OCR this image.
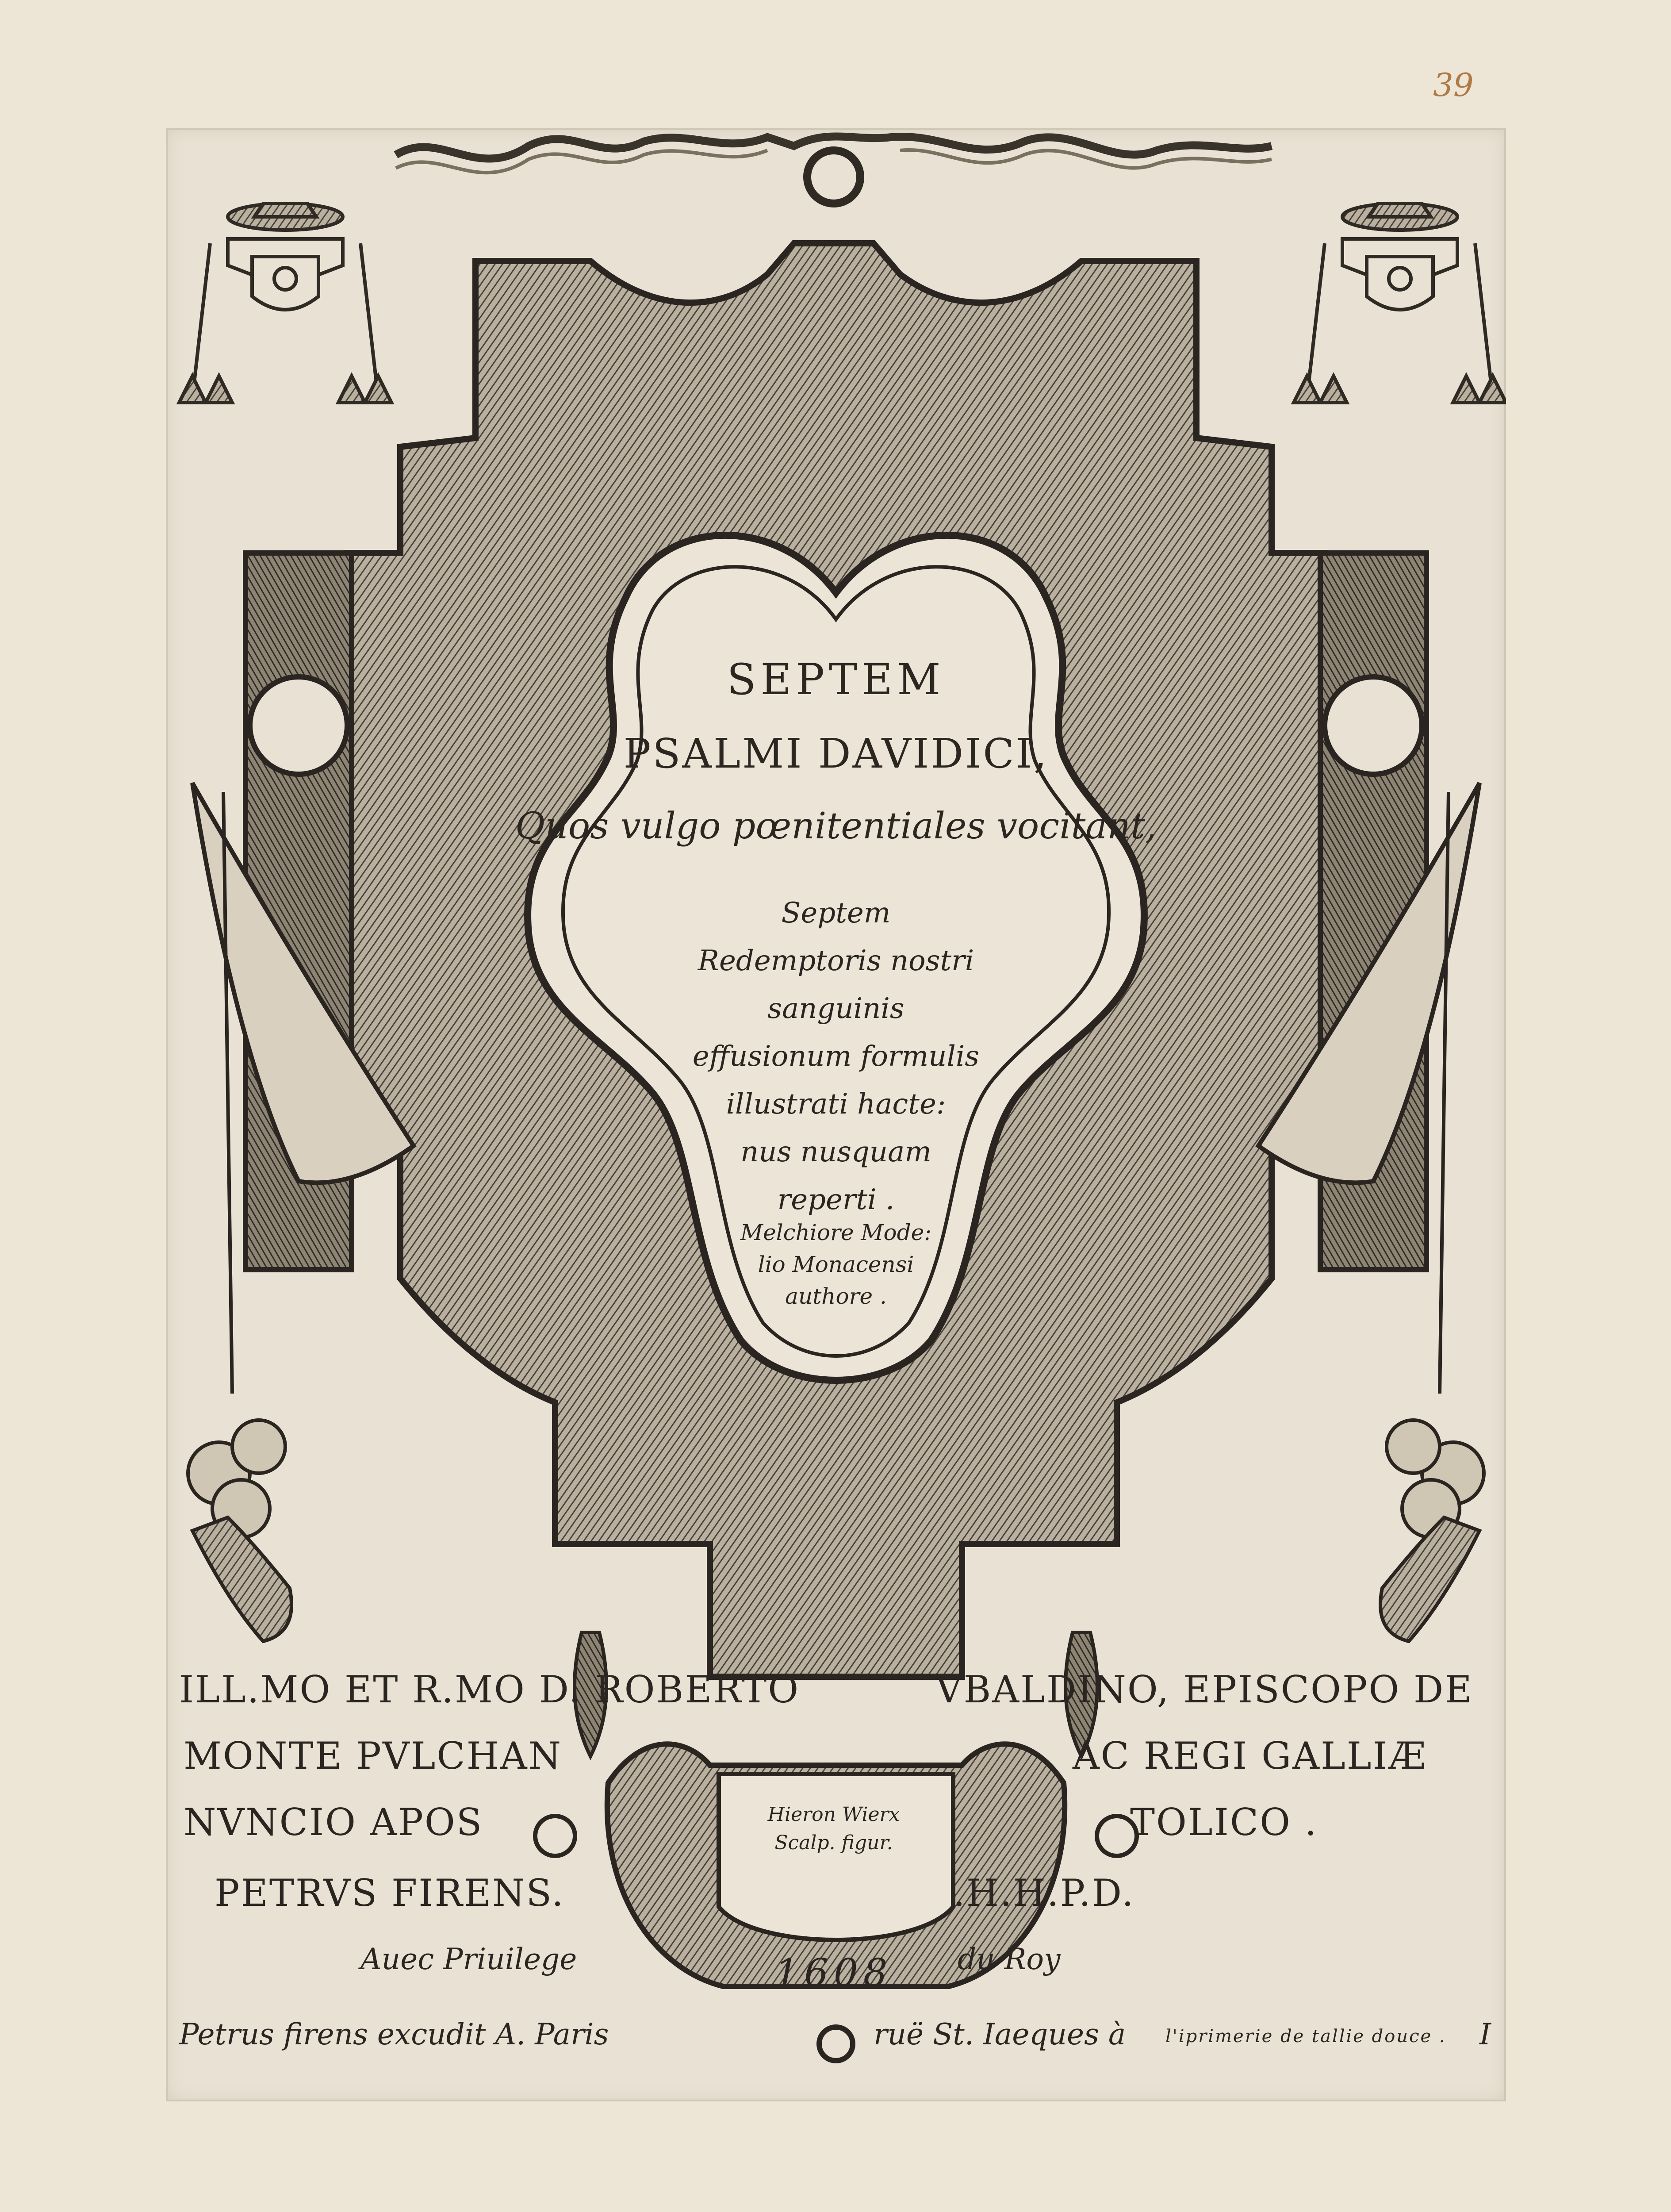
39
SEPTEM
PSALMI DAVIDICI,
Quos vulgo pœnitentiales vocitant,
Septem
Redemptoris nostri sanguinis
effusionum formulis
illustrati hacte:
nus nusquam
reperti .
Melchiore Mode:
lio Monacensi
authore .
ILL.MO ET R.MO D. ROBERTO	VBALDINO, EPISCOPO DE
MONTE PVLCHAN	AC REGI GALLIÆ
NVNCIO APOS	TOLICO .
PETRVS FIRENS.	.H.H.P.D.
Hieron Wierx
Scalp. figur.
1608
Auec Priuilege	du Roy
Petrus firens excudit A. Paris	ruë St. Iaeques à l'iprimerie de tallie douce . I
